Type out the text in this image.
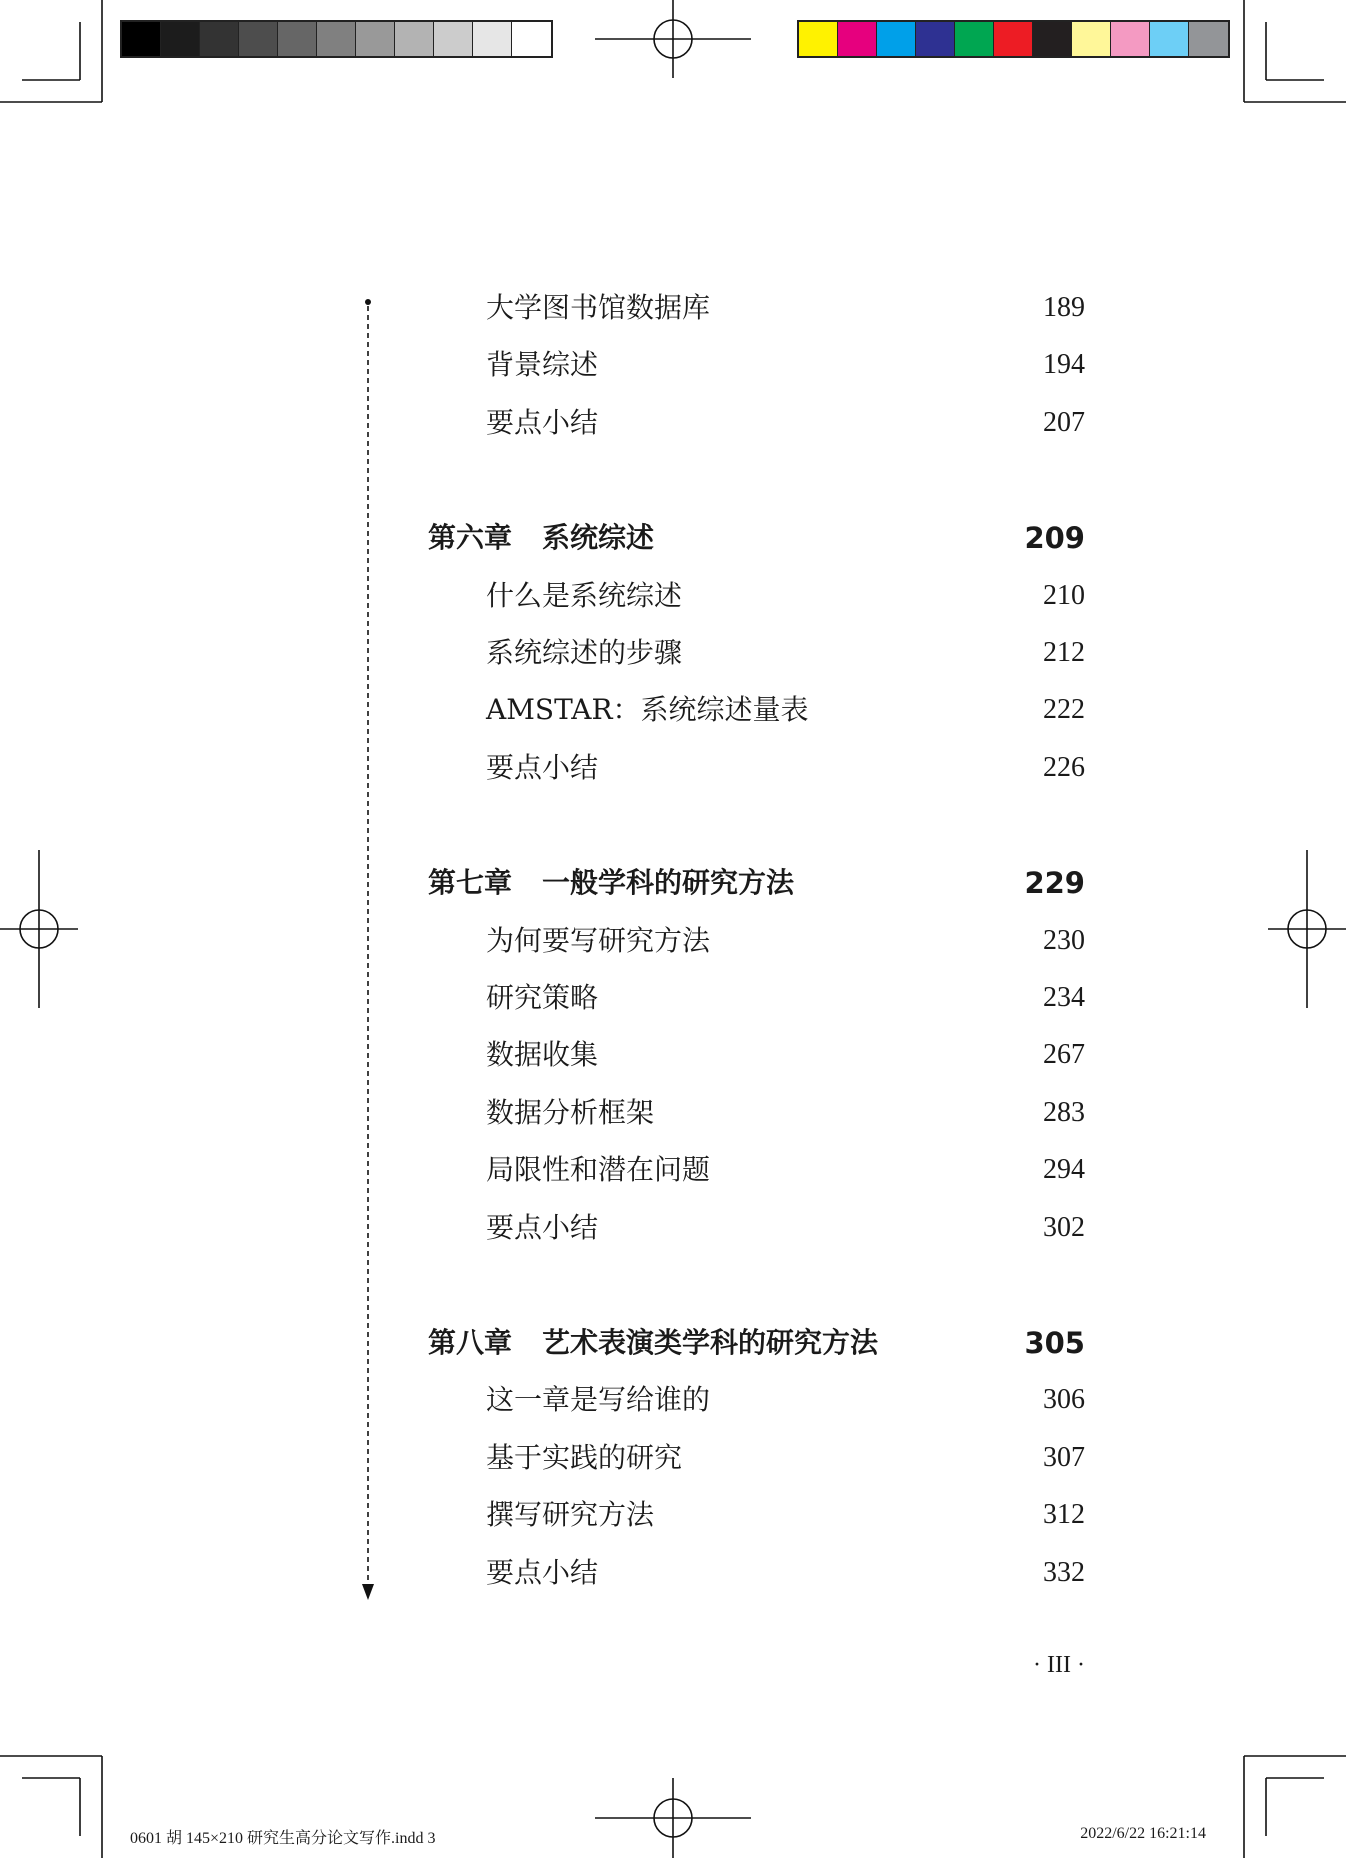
大学图书馆数据库	189
背景综述	194
要点小结	207
第六章 系统综述	209
什么是系统综述	210
系统综述的步骤	212
AMSTAR：系统综述量表	222
要点小结	226
第七章 一般学科的研究方法	229
为何要写研究方法	230
研究策略	234
数据收集	267
数据分析框架	283
局限性和潜在问题	294
要点小结	302
第八章 艺术表演类学科的研究方法	305
这一章是写给谁的	306
基于实践的研究	307
撰写研究方法	312
要点小结	332
· III ·
0601 胡 145×210 研究生高分论文写作.indd 3	2022/6/22 16:21:14
